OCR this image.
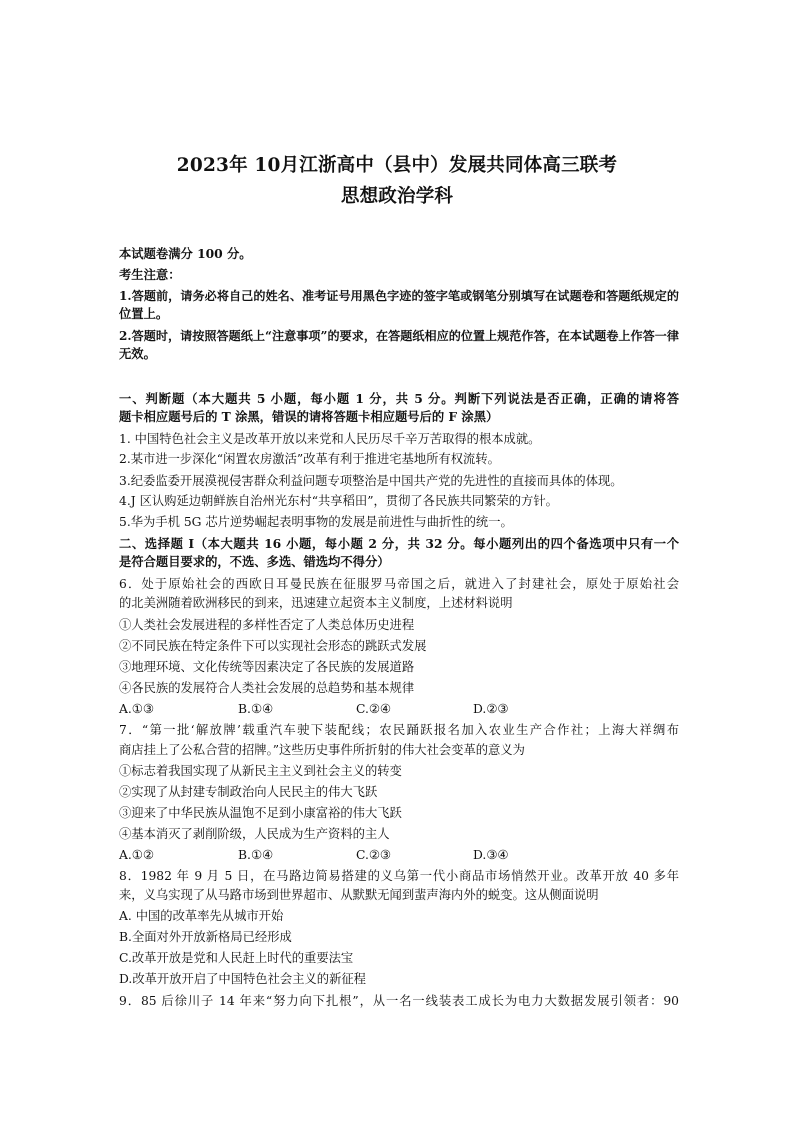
2023年 10月江浙高中（县中）发展共同体高三联考
思想政治学科
本试题卷满分 100 分。
考生注意：
1.答题前，请务必将自己的姓名、准考证号用黑色字迹的签字笔或钢笔分别填写在试题卷和答题纸规定的
位置上。
2.答题时，请按照答题纸上“注意事项”的要求，在答题纸相应的位置上规范作答，在本试题卷上作答一律
无效。
一、判断题（本大题共 5 小题，每小题 1 分，共 5 分。判断下列说法是否正确，正确的请将答
题卡相应题号后的 T 涂黑，错误的请将答题卡相应题号后的 F 涂黑）
1. 中国特色社会主义是改革开放以来党和人民历尽千辛万苦取得的根本成就。
2.某市进一步深化“闲置农房激活”改革有利于推进宅基地所有权流转。
3.纪委监委开展漠视侵害群众利益问题专项整治是中国共产党的先进性的直接而具体的体现。
4.J 区认购延边朝鲜族自治州光东村“共享稻田”，贯彻了各民族共同繁荣的方针。
5.华为手机 5G 芯片逆势崛起表明事物的发展是前进性与曲折性的统一。
二、选择题 I（本大题共 16 小题，每小题 2 分，共 32 分。每小题列出的四个备选项中只有一个
是符合题目要求的，不选、多选、错选均不得分）
6．处于原始社会的西欧日耳曼民族在征服罗马帝国之后，就进入了封建社会，原处于原始社会
的北美洲随着欧洲移民的到来，迅速建立起资本主义制度，上述材料说明
①人类社会发展进程的多样性否定了人类总体历史进程
②不同民族在特定条件下可以实现社会形态的跳跃式发展
③地理环境、文化传统等因素决定了各民族的发展道路
④各民族的发展符合人类社会发展的总趋势和基本规律
A.①③	B.①④	C.②④	D.②③
7．“第一批‘解放牌’载重汽车驶下装配线；农民踊跃报名加入农业生产合作社；上海大祥绸布
商店挂上了公私合营的招牌。”这些历史事件所折射的伟大社会变革的意义为
①标志着我国实现了从新民主主义到社会主义的转变
②实现了从封建专制政治向人民民主的伟大飞跃
③迎来了中华民族从温饱不足到小康富裕的伟大飞跃
④基本消灭了剥削阶级，人民成为生产资料的主人
A.①②	B.①④	C.②③	D.③④
8．1982 年 9 月 5 日，在马路边简易搭建的义乌第一代小商品市场悄然开业。改革开放 40 多年
来，义乌实现了从马路市场到世界超市、从默默无闻到蜚声海内外的蜕变。这从侧面说明
A. 中国的改革率先从城市开始
B.全面对外开放新格局已经形成
C.改革开放是党和人民赶上时代的重要法宝
D.改革开放开启了中国特色社会主义的新征程
9．85 后徐川子 14 年来“努力向下扎根”，从一名一线装表工成长为电力大数据发展引领者：90
